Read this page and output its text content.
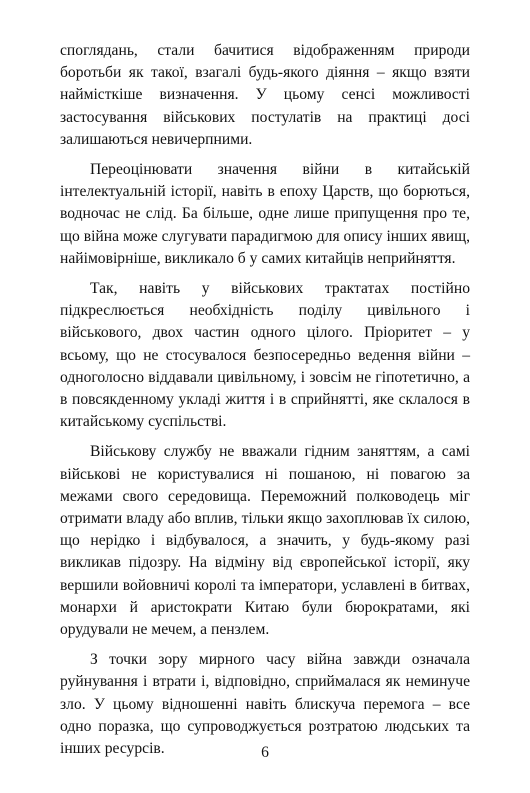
споглядань, стали бачитися відображенням природи боротьби як такої, взагалі будь-якого діяння – якщо взяти наймісткіше визначення. У цьому сенсі можливості застосування військових постулатів на практиці досі залишаються невичерпними.

Переоцінювати значення війни в китайській інтелектуальній історії, навіть в епоху Царств, що борються, водночас не слід. Ба більше, одне лише припущення про те, що війна може слугувати парадигмою для опису інших явищ, найімовірніше, викликало б у самих китайців неприйняття.

Так, навіть у військових трактатах постійно підкреслюється необхідність поділу цивільного і військового, двох частин одного цілого. Пріоритет – у всьому, що не стосувалося безпосередньо ведення війни – одноголосно віддавали цивільному, і зовсім не гіпотетично, а в повсякденному укладі життя і в сприйнятті, яке склалося в китайському суспільстві.

Військову службу не вважали гідним заняттям, а самі військові не користувалися ні пошаною, ні повагою за межами свого середовища. Переможний полководець міг отримати владу або вплив, тільки якщо захоплював їх силою, що нерідко і відбувалося, а значить, у будь-якому разі викликав підозру. На відміну від європейської історії, яку вершили войовничі королі та імператори, уславлені в битвах, монархи й аристократи Китаю були бюрократами, які орудували не мечем, а пензлем.

З точки зору мирного часу війна завжди означала руйнування і втрати і, відповідно, сприймалася як неминуче зло. У цьому відношенні навіть блискуча перемога – все одно поразка, що супроводжується розтратою людських та інших ресурсів.	6
